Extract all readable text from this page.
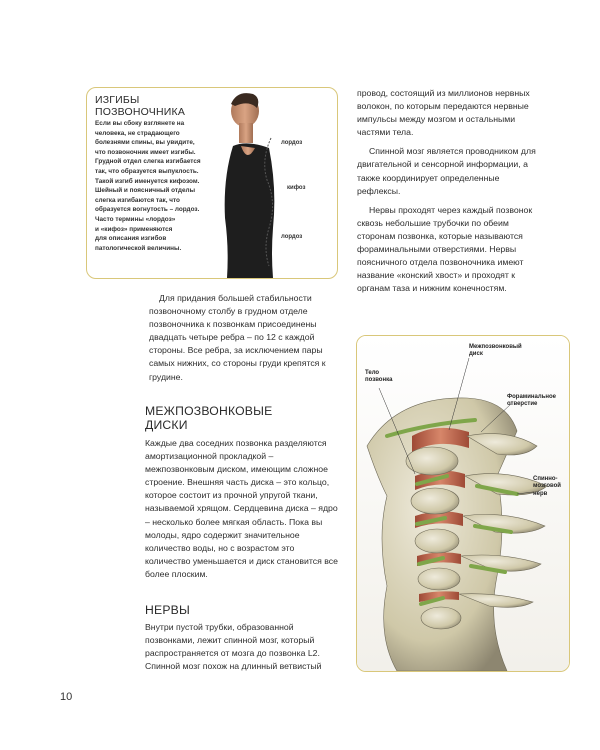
ИЗГИБЫ
ПОЗВОНОЧНИКА
Если вы сбоку взглянете на
человека, не страдающего
болезнями спины, вы увидите,
что позвоночник имеет изгибы.
Грудной отдел слегка изгибается
так, что образуется выпуклость.
Такой изгиб именуется кифозом.
Шейный и поясничный отделы
слегка изгибаются так, что
образуется вогнутость – лордоз.
Часто термины «лордоз»
и «кифоз» применяются
для описания изгибов
патологической величины.
лордоз
кифоз
лордоз

провод, состоящий из миллионов нервных волокон, по которым передаются нервные импульсы между мозгом и остальными частями тела.

Спинной мозг является проводником для двигательной и сенсорной информации, а также координирует определенные рефлексы.

Нервы проходят через каждый позвонок сквозь небольшие трубочки по обеим сторонам позвонка, которые называются фораминальными отверстиями. Нервы поясничного отдела позвоночника имеют название «конский хвост» и проходят к органам таза и нижним конечностям.

Для придания большей стабильности позвоночному столбу в грудном отделе позвоночника к позвонкам присоединены двадцать четыре ребра – по 12 с каждой стороны. Все ребра, за исключением пары самых нижних, со стороны груди крепятся к грудине.

МЕЖПОЗВОНКОВЫЕ
ДИСКИ

Каждые два соседних позвонка разделяются амортизационной прокладкой – межпозвонковым диском, имеющим сложное строение. Внешняя часть диска – это кольцо, которое состоит из прочной упругой ткани, называемой хрящом. Сердцевина диска – ядро – несколько более мягкая область. Пока вы молоды, ядро содержит значительное количество воды, но с возрастом это количество уменьшается и диск становится все более плоским.

НЕРВЫ

Внутри пустой трубки, образованной позвонками, лежит спинной мозг, который распространяется от мозга до позвонка L2. Спинной мозг похож на длинный ветвистый

10
Межпозвонковый
диск
Тело
позвонка
Фораминальное
отверстие
Спинно-
мозговой
нерв
